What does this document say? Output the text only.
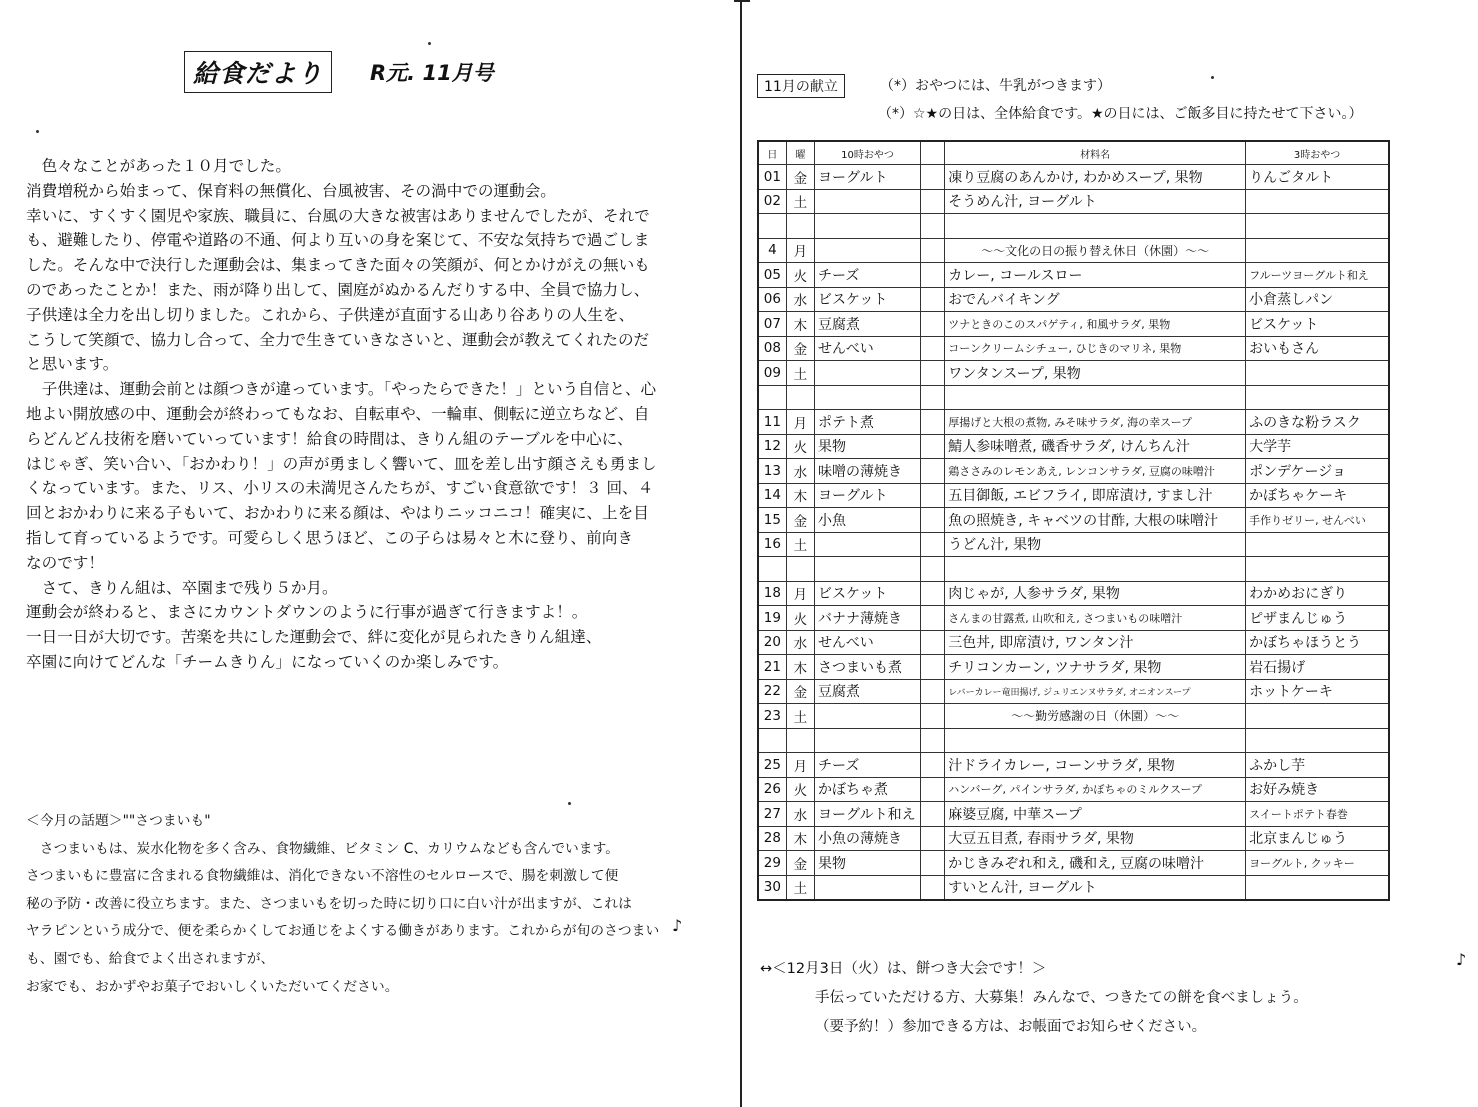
給食だより	R元. 11月号

　色々なことがあった１０月でした。

消費増税から始まって、保育料の無償化、台風被害、その渦中での運動会。

幸いに、すくすく園児や家族、職員に、台風の大きな被害はありませんでしたが、それで

も、避難したり、停電や道路の不通、何より互いの身を案じて、不安な気持ちで過ごしま

した。そんな中で決行した運動会は、集まってきた面々の笑顔が、何とかけがえの無いも

のであったことか！また、雨が降り出して、園庭がぬかるんだりする中、全員で協力し、

子供達は全力を出し切りました。これから、子供達が直面する山あり谷ありの人生を、

こうして笑顔で、協力し合って、全力で生きていきなさいと、運動会が教えてくれたのだ

と思います。

　子供達は、運動会前とは顔つきが違っています。「やったらできた！」という自信と、心

地よい開放感の中、運動会が終わってもなお、自転車や、一輪車、側転に逆立ちなど、自

らどんどん技術を磨いていっています！給食の時間は、きりん組のテーブルを中心に、

はじゃぎ、笑い合い、「おかわり！」の声が勇ましく響いて、皿を差し出す顔さえも勇まし

くなっています。また、リス、小リスの未満児さんたちが、すごい食意欲です！３ 回、４

回とおかわりに来る子もいて、おかわりに来る顔は、やはりニッコニコ！確実に、上を目

指して育っているようです。可愛らしく思うほど、この子らは易々と木に登り、前向き

なのです！

　さて、きりん組は、卒園まで残り５か月。

運動会が終わると、まさにカウントダウンのように行事が過ぎて行きますよ！。

一日一日が大切です。苦楽を共にした運動会で、絆に変化が見られたきりん組達、

卒園に向けてどんな「チームきりん」になっていくのか楽しみです。

＜今月の話題＞""さつまいも"

　さつまいもは、炭水化物を多く含み、食物繊維、ビタミン C、カリウムなども含んでいます。

さつまいもに豊富に含まれる食物繊維は、消化できない不溶性のセルロースで、腸を刺激して便

秘の予防・改善に役立ちます。また、さつまいもを切った時に切り口に白い汁が出ますが、これは

ヤラピンという成分で、便を柔らかくしてお通じをよくする働きがあります。これからが旬のさつまい

も、園でも、給食でよく出されますが、

お家でも、おかずやお菓子でおいしくいただいてください。

♪
♪
11月の献立	（*）おやつには、牛乳がつきます）
（*）☆★の日は、全体給食です。★の日には、ご飯多目に持たせて下さい。）
日	曜	10時おやつ		材料名	3時おやつ
01	金	ヨーグルト		凍り豆腐のあんかけ, わかめスープ, 果物	りんごタルト
02	土			そうめん汁, ヨーグルト	

4	月			～～文化の日の振り替え休日（休園）～～	
05	火	チーズ		カレー, コールスロー	フルーツヨーグルト和え
06	水	ビスケット		おでんバイキング	小倉蒸しパン
07	木	豆腐煮		ツナときのこのスパゲティ, 和風サラダ, 果物	ビスケット
08	金	せんべい		コーンクリームシチュー, ひじきのマリネ, 果物	おいもさん
09	土			ワンタンスープ, 果物	

11	月	ポテト煮		厚揚げと大根の煮物, みそ味サラダ, 海の幸スープ	ふのきな粉ラスク
12	火	果物		鯖人参味噌煮, 磯香サラダ, けんちん汁	大学芋
13	水	味噌の薄焼き		鶏ささみのレモンあえ, レンコンサラダ, 豆腐の味噌汁	ポンデケージョ
14	木	ヨーグルト		五目御飯, エビフライ, 即席漬け, すまし汁	かぼちゃケーキ
15	金	小魚		魚の照焼き, キャベツの甘酢, 大根の味噌汁	手作りゼリー, せんべい
16	土			うどん汁, 果物	

18	月	ビスケット		肉じゃが, 人参サラダ, 果物	わかめおにぎり
19	火	バナナ薄焼き		さんまの甘露煮, 山吹和え, さつまいもの味噌汁	ピザまんじゅう
20	水	せんべい		三色丼, 即席漬け, ワンタン汁	かぼちゃほうとう
21	木	さつまいも煮		チリコンカーン, ツナサラダ, 果物	岩石揚げ
22	金	豆腐煮		レバーカレー竜田揚げ, ジュリエンヌサラダ, オニオンスープ	ホットケーキ
23	土			～～勤労感謝の日（休園）～～	

25	月	チーズ		汁ドライカレー, コーンサラダ, 果物	ふかし芋
26	火	かぼちゃ煮		ハンバーグ, パインサラダ, かぼちゃのミルクスープ	お好み焼き
27	水	ヨーグルト和え		麻婆豆腐, 中華スープ	スイートポテト春巻
28	木	小魚の薄焼き		大豆五目煮, 春雨サラダ, 果物	北京まんじゅう
29	金	果物		かじきみぞれ和え, 磯和え, 豆腐の味噌汁	ヨーグルト, クッキー
30	土			すいとん汁, ヨーグルト	

↔＜12月3日（火）は、餅つき大会です！＞

手伝っていただける方、大募集！みんなで、つきたての餅を食べましょう。

（要予約！）参加できる方は、お帳面でお知らせください。
